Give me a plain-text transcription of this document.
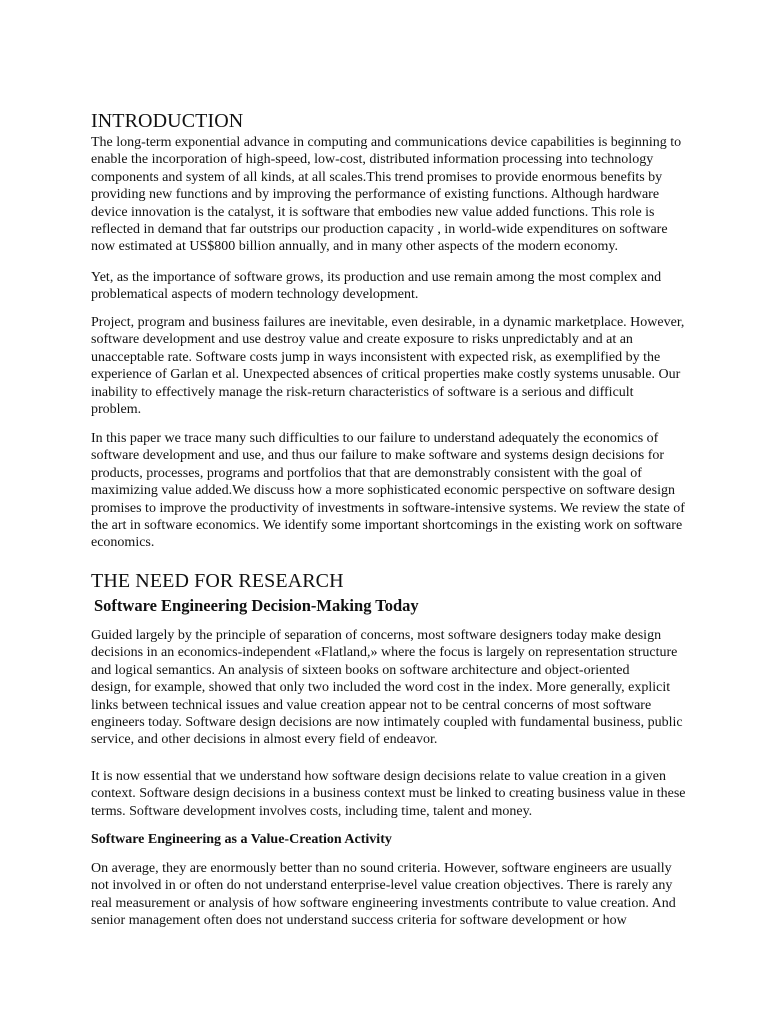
INTRODUCTION
The long-term exponential advance in computing and communications device capabilities is beginning to
enable the incorporation of high-speed, low-cost, distributed information processing into technology
components and system of all kinds, at all scales.This trend promises to provide enormous benefits by
providing new functions and by improving the performance of existing functions. Although hardware
device innovation is the catalyst, it is software that embodies new value added functions. This role is
reflected in demand that far outstrips our production capacity , in world-wide expenditures on software
now estimated at US$800 billion annually, and in many other aspects of the modern economy.
Yet, as the importance of software grows, its production and use remain among the most complex and
problematical aspects of modern technology development.
Project, program and business failures are inevitable, even desirable, in a dynamic marketplace. However,
software development and use destroy value and create exposure to risks unpredictably and at an
unacceptable rate. Software costs jump in ways inconsistent with expected risk, as exemplified by the
experience of Garlan et al. Unexpected absences of critical properties make costly systems unusable. Our
inability to effectively manage the risk-return characteristics of software is a serious and difficult
problem.
In this paper we trace many such difficulties to our failure to understand adequately the economics of
software development and use, and thus our failure to make software and systems design decisions for
products, processes, programs and portfolios that that are demonstrably consistent with the goal of
maximizing value added.We discuss how a more sophisticated economic perspective on software design
promises to improve the productivity of investments in software-intensive systems. We review the state of
the art in software economics. We identify some important shortcomings in the existing work on software
economics.
THE NEED FOR RESEARCH
Software Engineering Decision-Making Today
Guided largely by the principle of separation of concerns, most software designers today make design
decisions in an economics-independent «Flatland,» where the focus is largely on representation structure
and logical semantics. An analysis of sixteen books on software architecture and object-oriented
design, for example, showed that only two included the word cost in the index. More generally, explicit
links between technical issues and value creation appear not to be central concerns of most software
engineers today. Software design decisions are now intimately coupled with fundamental business, public
service, and other decisions in almost every field of endeavor.
It is now essential that we understand how software design decisions relate to value creation in a given
context. Software design decisions in a business context must be linked to creating business value in these
terms. Software development involves costs, including time, talent and money.
Software Engineering as a Value-Creation Activity
On average, they are enormously better than no sound criteria. However, software engineers are usually
not involved in or often do not understand enterprise-level value creation objectives. There is rarely any
real measurement or analysis of how software engineering investments contribute to value creation. And
senior management often does not understand success criteria for software development or how
